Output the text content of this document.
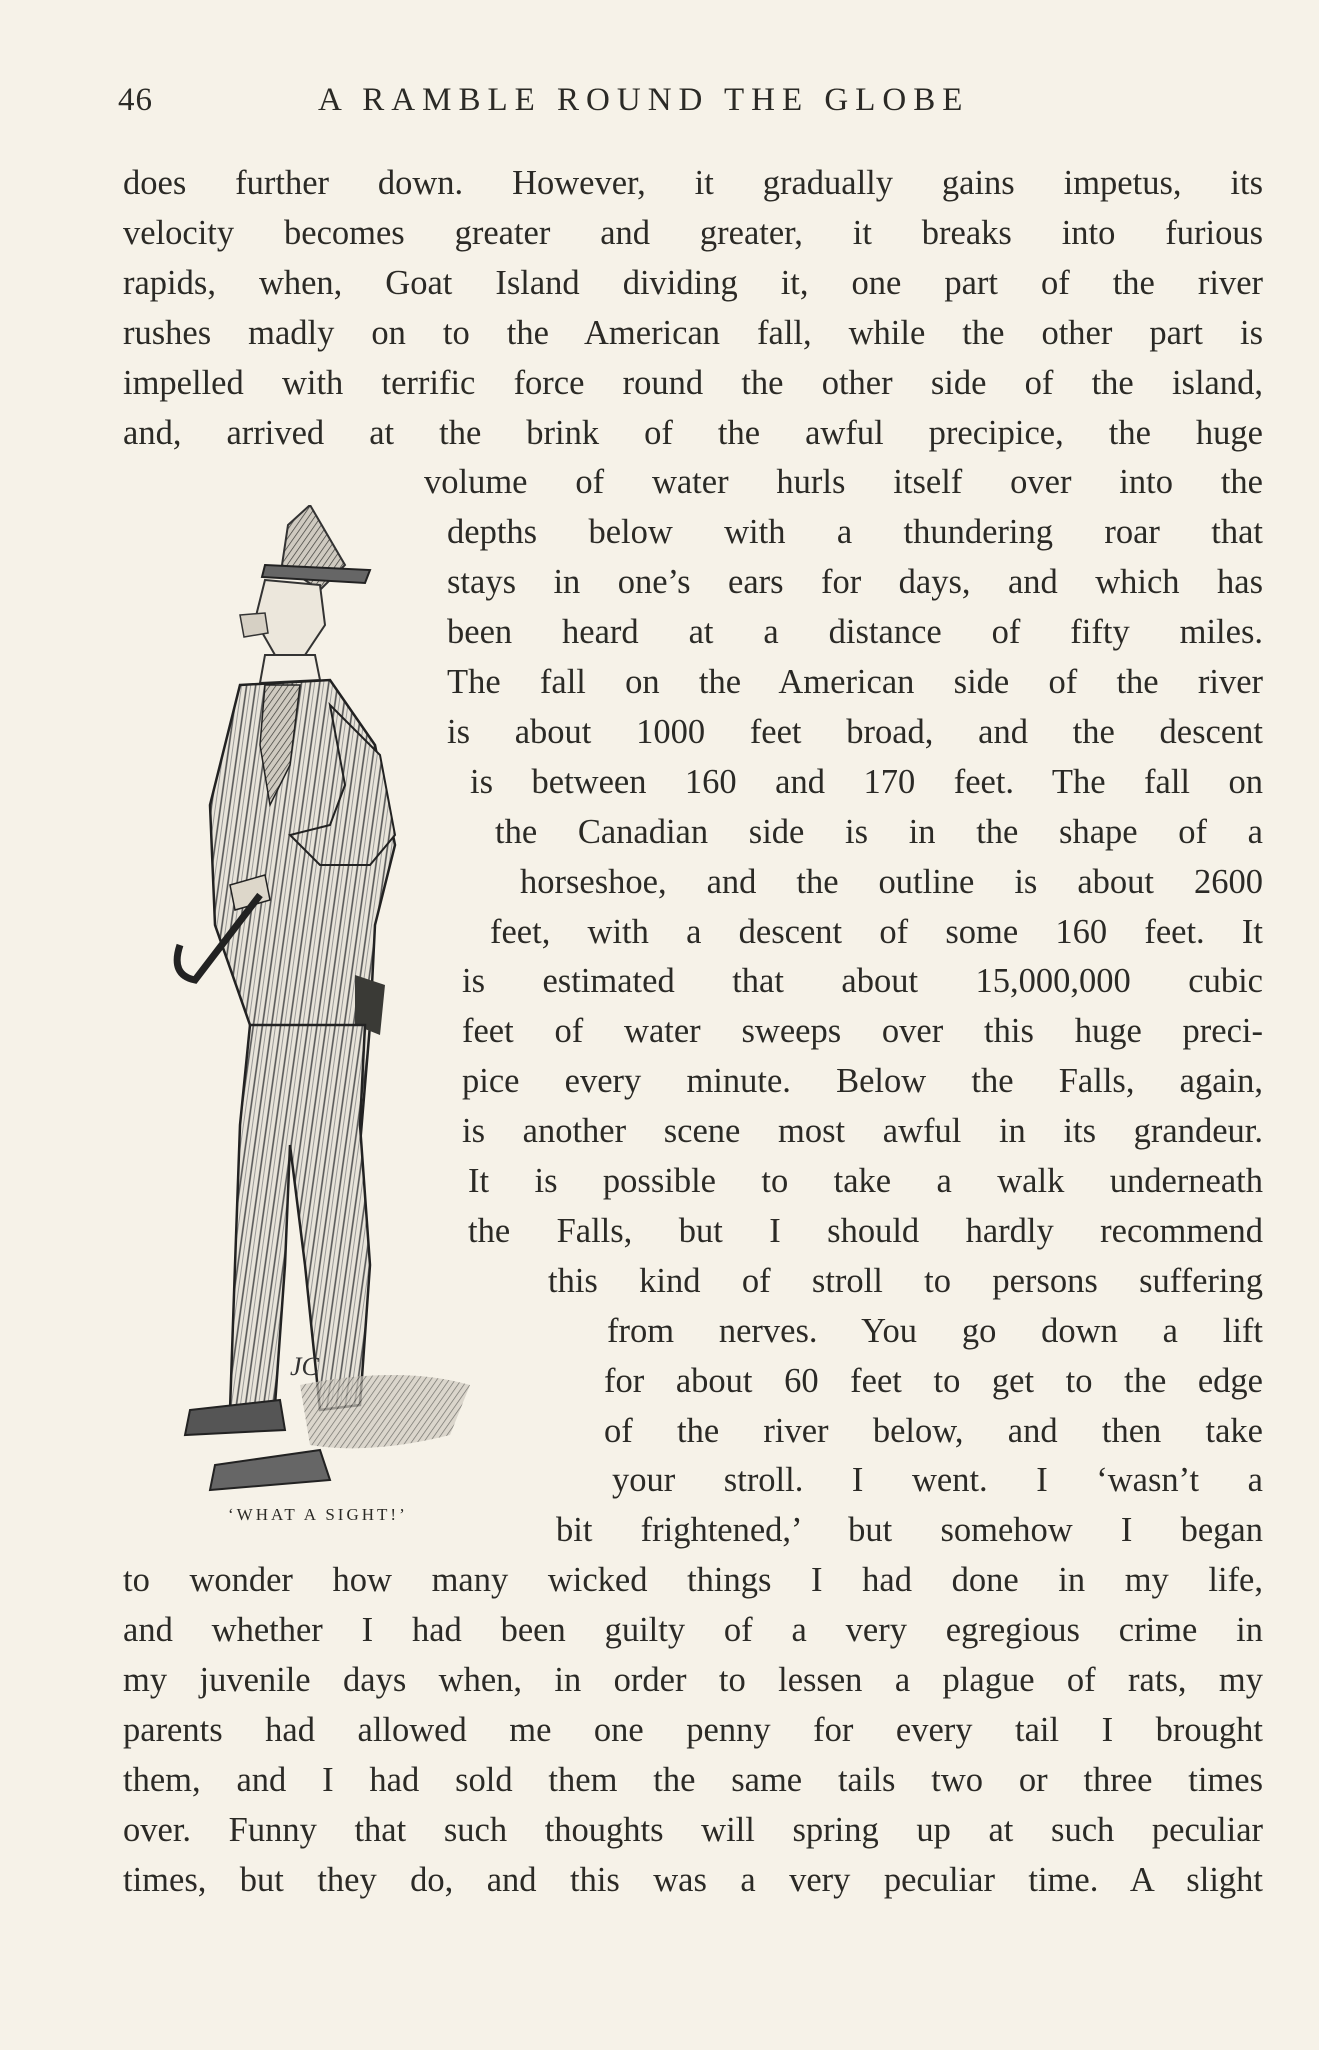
46	A RAMBLE ROUND THE GLOBE
does further down. However, it gradually gains impetus, its
velocity becomes greater and greater, it breaks into furious
rapids, when, Goat Island dividing it, one part of the river
rushes madly on to the American fall, while the other part is
impelled with terrific force round the other side of the island,
and, arrived at the brink of the awful precipice, the huge
volume of water hurls itself over into the
depths below with a thundering roar that
stays in one’s ears for days, and which has
been heard at a distance of fifty miles.
The fall on the American side of the river
is about 1000 feet broad, and the descent
is between 160 and 170 feet. The fall on
the Canadian side is in the shape of a
horseshoe, and the outline is about 2600
feet, with a descent of some 160 feet. It
is estimated that about 15,000,000 cubic
feet of water sweeps over this huge preci-
pice every minute. Below the Falls, again,
is another scene most awful in its grandeur.
It is possible to take a walk underneath
the Falls, but I should hardly recommend
this kind of stroll to persons suffering
from nerves. You go down a lift
for about 60 feet to get to the edge
of the river below, and then take
your stroll. I went. I ‘wasn’t a
bit frightened,’ but somehow I began
to wonder how many wicked things I had done in my life,
and whether I had been guilty of a very egregious crime in
my juvenile days when, in order to lessen a plague of rats, my
parents had allowed me one penny for every tail I brought
them, and I had sold them the same tails two or three times
over. Funny that such thoughts will spring up at such peculiar
times, but they do, and this was a very peculiar time. A slight
JC
‘WHAT A SIGHT!’
